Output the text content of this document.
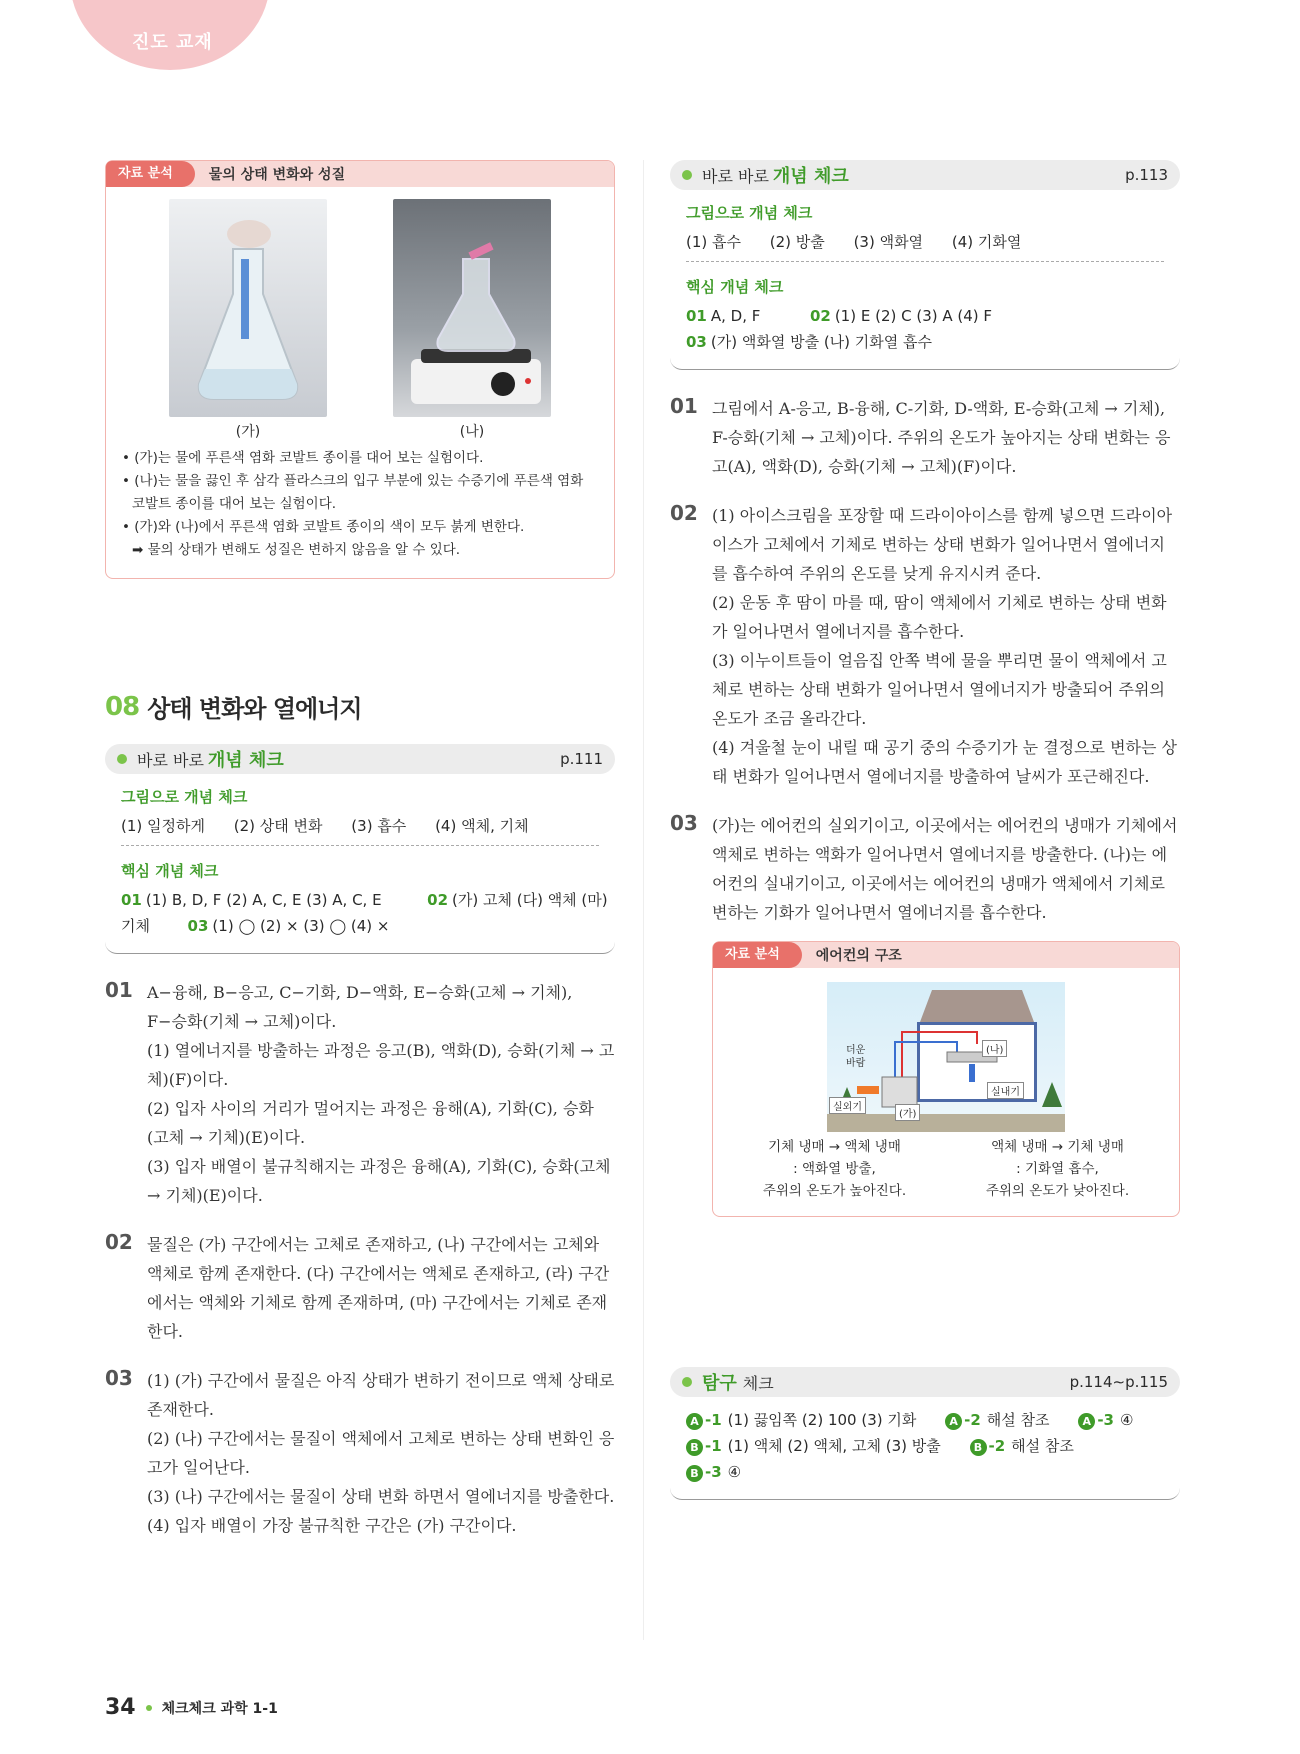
진도 교재
자료 분석	물의 상태 변화와 성질
(가)	(나)
• (가)는 물에 푸른색 염화 코발트 종이를 대어 보는 실험이다.
• (나)는 물을 끓인 후 삼각 플라스크의 입구 부분에 있는 수증기에 푸른색 염화 코발트 종이를 대어 보는 실험이다.
• (가)와 (나)에서 푸른색 염화 코발트 종이의 색이 모두 붉게 변한다.
➡ 물의 상태가 변해도 성질은 변하지 않음을 알 수 있다.
08 상태 변화와 열에너지
바로 바로 개념 체크	p.111
그림으로 개념 체크
(1) 일정하게 (2) 상태 변화 (3) 흡수 (4) 액체, 기체
핵심 개념 체크
01 (1) B, D, F (2) A, C, E (3) A, C, E	02 (가) 고체 (다) 액체 (마)
기체	03 (1) ◯ (2) × (3) ◯ (4) ×
01 A−융해, B−응고, C−기화, D−액화, E−승화(고체 → 기체), F−승화(기체 → 고체)이다.

(1) 열에너지를 방출하는 과정은 응고(B), 액화(D), 승화(기체 → 고체)(F)이다.

(2) 입자 사이의 거리가 멀어지는 과정은 융해(A), 기화(C), 승화(고체 → 기체)(E)이다.

(3) 입자 배열이 불규칙해지는 과정은 융해(A), 기화(C), 승화(고체 → 기체)(E)이다.

02 물질은 (가) 구간에서는 고체로 존재하고, (나) 구간에서는 고체와 액체로 함께 존재한다. (다) 구간에서는 액체로 존재하고, (라) 구간에서는 액체와 기체로 함께 존재하며, (마) 구간에서는 기체로 존재한다.

03 (1) (가) 구간에서 물질은 아직 상태가 변하기 전이므로 액체 상태로 존재한다.

(2) (나) 구간에서는 물질이 액체에서 고체로 변하는 상태 변화인 응고가 일어난다.

(3) (나) 구간에서는 물질이 상태 변화 하면서 열에너지를 방출한다.

(4) 입자 배열이 가장 불규칙한 구간은 (가) 구간이다.

바로 바로 개념 체크	p.113
그림으로 개념 체크
(1) 흡수 (2) 방출 (3) 액화열 (4) 기화열
핵심 개념 체크
01 A, D, F	02 (1) E (2) C (3) A (4) F
03 (가) 액화열 방출 (나) 기화열 흡수
01 그림에서 A-응고, B-융해, C-기화, D-액화, E-승화(고체 → 기체), F-승화(기체 → 고체)이다. 주위의 온도가 높아지는 상태 변화는 응고(A), 액화(D), 승화(기체 → 고체)(F)이다.

02 (1) 아이스크림을 포장할 때 드라이아이스를 함께 넣으면 드라이아이스가 고체에서 기체로 변하는 상태 변화가 일어나면서 열에너지를 흡수하여 주위의 온도를 낮게 유지시켜 준다.

(2) 운동 후 땀이 마를 때, 땀이 액체에서 기체로 변하는 상태 변화가 일어나면서 열에너지를 흡수한다.

(3) 이누이트들이 얼음집 안쪽 벽에 물을 뿌리면 물이 액체에서 고체로 변하는 상태 변화가 일어나면서 열에너지가 방출되어 주위의 온도가 조금 올라간다.

(4) 겨울철 눈이 내릴 때 공기 중의 수증기가 눈 결정으로 변하는 상태 변화가 일어나면서 열에너지를 방출하여 날씨가 포근해진다.

03 (가)는 에어컨의 실외기이고, 이곳에서는 에어컨의 냉매가 기체에서 액체로 변하는 액화가 일어나면서 열에너지를 방출한다. (나)는 에어컨의 실내기이고, 이곳에서는 에어컨의 냉매가 액체에서 기체로 변하는 기화가 일어나면서 열에너지를 흡수한다.

자료 분석	에어컨의 구조
더운 바람
실외기
(가)
(나)
실내기
기체 냉매 → 액체 냉매
: 액화열 방출,
주위의 온도가 높아진다.
액체 냉매 → 기체 냉매
: 기화열 흡수,
주위의 온도가 낮아진다.
탐구 체크	p.114∼p.115
A -1 (1) 끓임쪽 (2) 100 (3) 기화	A -2 해설 참조	A -3 ④
B -1 (1) 액체 (2) 액체, 고체 (3) 방출	B -2 해설 참조
B -3 ④
34 체크체크 과학 1-1
